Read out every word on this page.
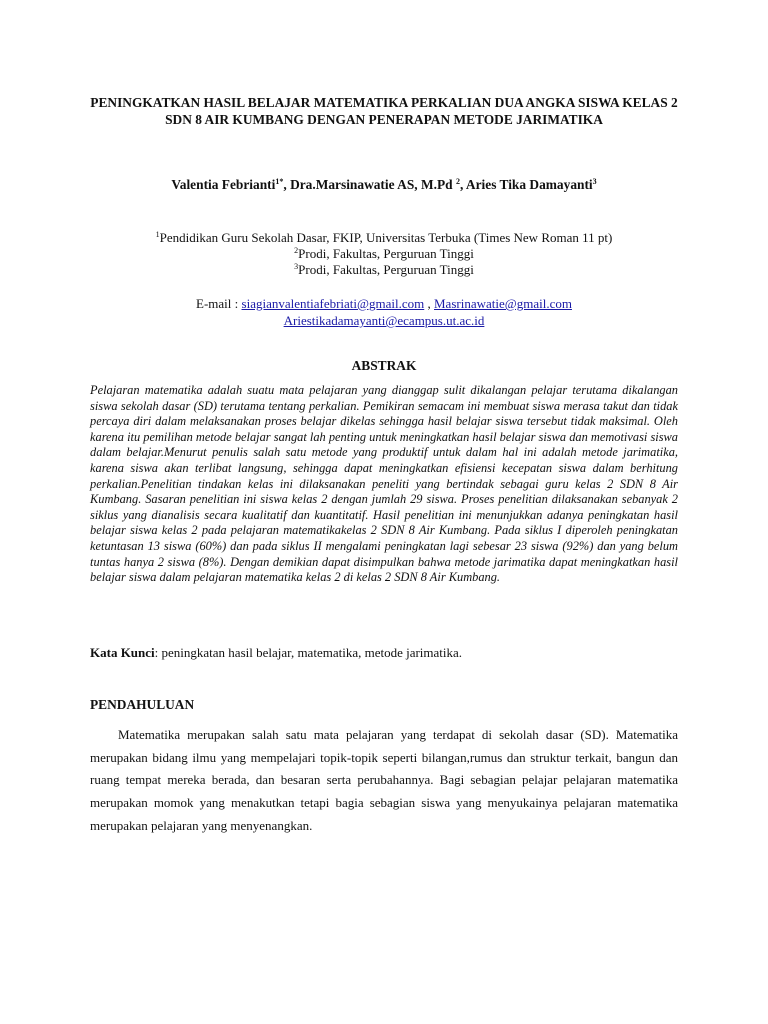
PENINGKATKAN HASIL BELAJAR MATEMATIKA PERKALIAN DUA ANGKA SISWA KELAS 2 SDN 8 AIR KUMBANG DENGAN PENERAPAN METODE JARIMATIKA
Valentia Febrianti$^{1*}$, Dra.Marsinawatie AS, M.Pd $^2$, Aries Tika Damayanti$^3$
$^1$Pendidikan Guru Sekolah Dasar, FKIP, Universitas Terbuka (Times New Roman 11 pt)
$^2$Prodi, Fakultas, Perguruan Tinggi
$^3$Prodi, Fakultas, Perguruan Tinggi
E-mail : siagianvalentiafebriati@gmail.com , Masrinawatie@gmail.com
Ariestikadamayanti@ecampus.ut.ac.id
ABSTRAK

Pelajaran matematika adalah suatu mata pelajaran yang dianggap sulit dikalangan pelajar terutama dikalangan siswa sekolah dasar (SD) terutama tentang perkalian. Pemikiran semacam ini membuat siswa merasa takut dan tidak percaya diri dalam melaksanakan proses belajar dikelas sehingga hasil belajar siswa tersebut tidak maksimal. Oleh karena itu pemilihan metode belajar sangat lah penting untuk meningkatkan hasil belajar siswa dan memotivasi siswa dalam belajar.Menurut penulis salah satu metode yang produktif untuk dalam hal ini adalah metode jarimatika, karena siswa akan terlibat langsung, sehingga dapat meningkatkan efisiensi kecepatan siswa dalam berhitung perkalian.Penelitian tindakan kelas ini dilaksanakan peneliti yang bertindak sebagai guru kelas 2 SDN 8 Air Kumbang. Sasaran penelitian ini siswa kelas 2 dengan jumlah 29 siswa. Proses penelitian dilaksanakan sebanyak 2 siklus yang dianalisis secara kualitatif dan kuantitatif. Hasil penelitian ini menunjukkan adanya peningkatan hasil belajar siswa kelas 2 pada pelajaran matematikakelas 2 SDN 8 Air Kumbang. Pada siklus I diperoleh peningkatan ketuntasan 13 siswa (60%) dan pada siklus II mengalami peningkatan lagi sebesar 23 siswa (92%) dan yang belum tuntas hanya 2 siswa (8%). Dengan demikian dapat disimpulkan bahwa metode jarimatika dapat meningkatkan hasil belajar siswa dalam pelajaran matematika kelas 2 di kelas 2 SDN 8 Air Kumbang.

Kata Kunci: peningkatan hasil belajar, matematika, metode jarimatika.

PENDAHULUAN

Matematika merupakan salah satu mata pelajaran yang terdapat di sekolah dasar (SD). Matematika merupakan bidang ilmu yang mempelajari topik-topik seperti bilangan,rumus dan struktur terkait, bangun dan ruang tempat mereka berada, dan besaran serta perubahannya. Bagi sebagian pelajar pelajaran matematika merupakan momok yang menakutkan tetapi bagia sebagian siswa yang menyukainya pelajaran matematika merupakan pelajaran yang menyenangkan.
